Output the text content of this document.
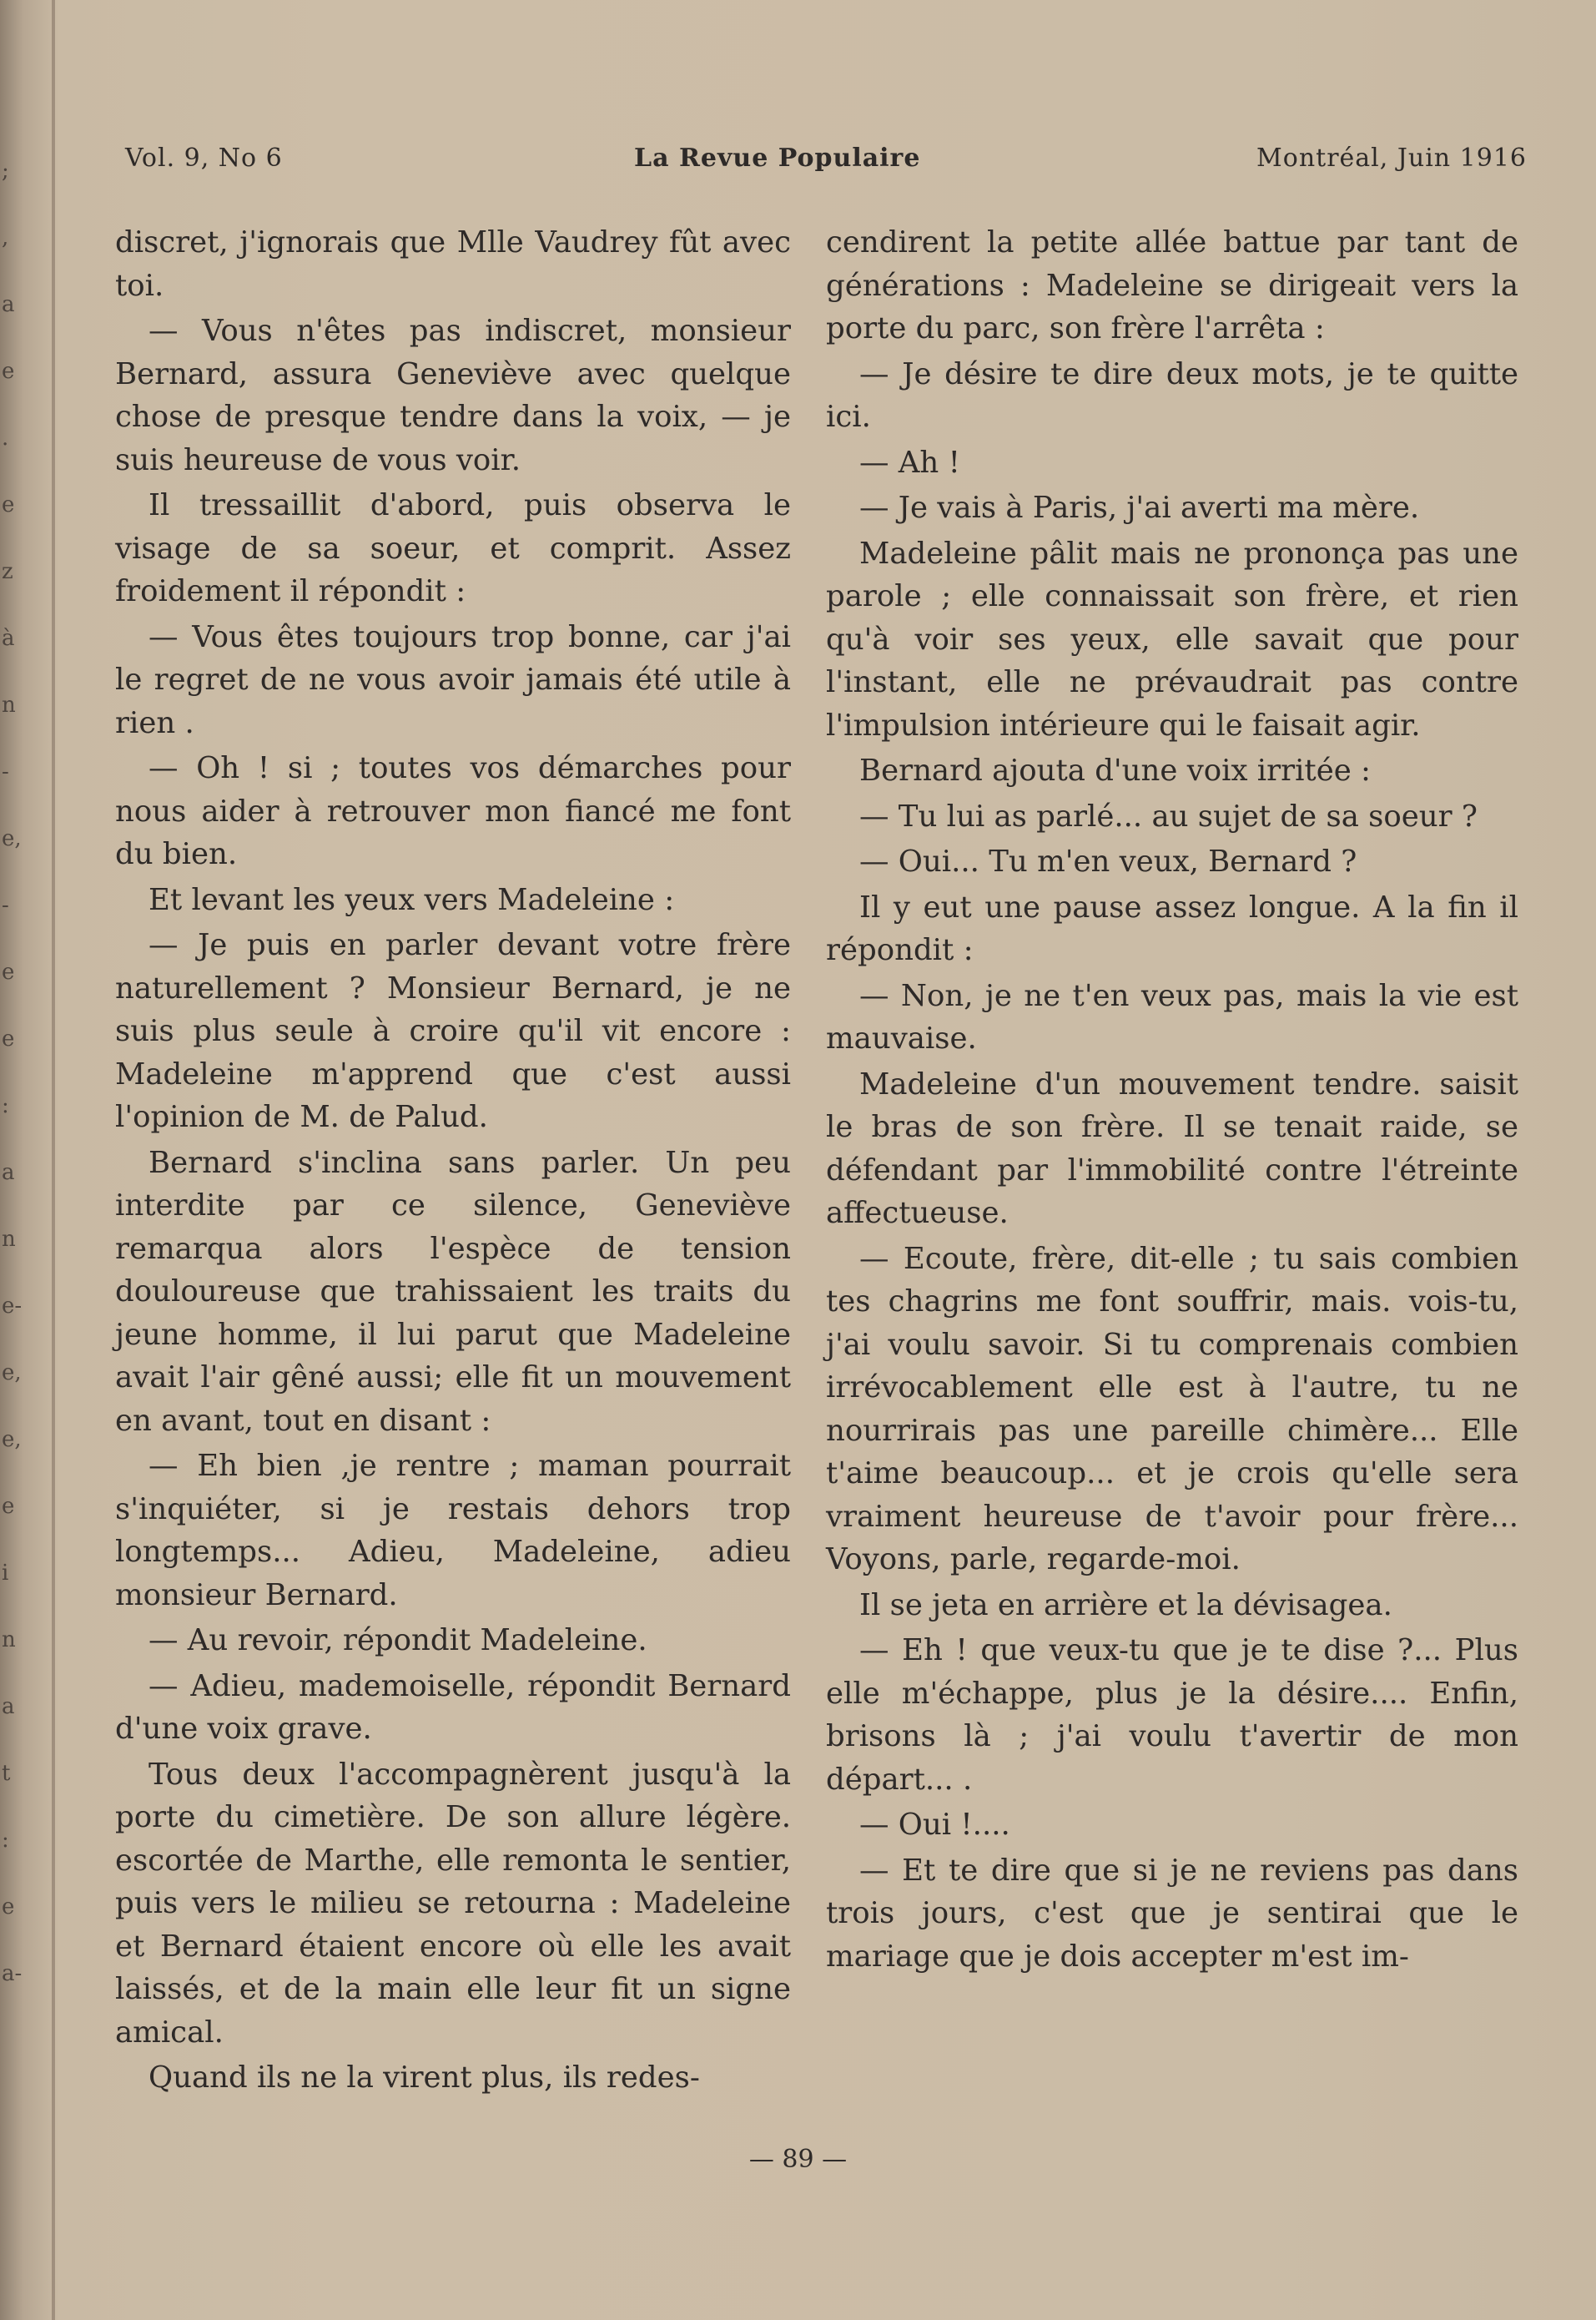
;
,
a
e
.
e
z
à
n
-
e,
-
e
e
:
a
n
e-
e,
e,
e
i
n
a
t
:
e
a-
Vol. 9, No 6	La Revue Populaire	Montréal, Juin 1916

discret, j'ignorais que Mlle Vaudrey fût avec toi.

— Vous n'êtes pas indiscret, monsieur Bernard, assura Geneviève avec quelque chose de presque tendre dans la voix, — je suis heureuse de vous voir.

Il tressaillit d'abord, puis observa le visage de sa soeur, et comprit. Assez froidement il répondit :

— Vous êtes toujours trop bonne, car j'ai le regret de ne vous avoir jamais été utile à rien .

— Oh ! si ; toutes vos démarches pour nous aider à retrouver mon fiancé me font du bien.

Et levant les yeux vers Madeleine :

— Je puis en parler devant votre frère naturellement ? Monsieur Bernard, je ne suis plus seule à croire qu'il vit encore : Madeleine m'apprend que c'est aussi l'opinion de M. de Palud.

Bernard s'inclina sans parler. Un peu interdite par ce silence, Geneviève remarqua alors l'espèce de tension douloureuse que trahissaient les traits du jeune homme, il lui parut que Madeleine avait l'air gêné aussi; elle fit un mouvement en avant, tout en disant :

— Eh bien ,je rentre ; maman pourrait s'inquiéter, si je restais dehors trop longtemps... Adieu, Madeleine, adieu monsieur Bernard.

— Au revoir, répondit Madeleine.

— Adieu, mademoiselle, répondit Bernard d'une voix grave.

Tous deux l'accompagnèrent jusqu'à la porte du cimetière. De son allure légère. escortée de Marthe, elle remonta le sentier, puis vers le milieu se retourna : Madeleine et Bernard étaient encore où elle les avait laissés, et de la main elle leur fit un signe amical.

Quand ils ne la virent plus, ils redes-

cendirent la petite allée battue par tant de générations : Madeleine se dirigeait vers la porte du parc, son frère l'arrêta :

— Je désire te dire deux mots, je te quitte ici.

— Ah !

— Je vais à Paris, j'ai averti ma mère.

Madeleine pâlit mais ne prononça pas une parole ; elle connaissait son frère, et rien qu'à voir ses yeux, elle savait que pour l'instant, elle ne prévaudrait pas contre l'impulsion intérieure qui le faisait agir.

Bernard ajouta d'une voix irritée :

— Tu lui as parlé... au sujet de sa soeur ?

— Oui... Tu m'en veux, Bernard ?

Il y eut une pause assez longue. A la fin il répondit :

— Non, je ne t'en veux pas, mais la vie est mauvaise.

Madeleine d'un mouvement tendre. saisit le bras de son frère. Il se tenait raide, se défendant par l'immobilité contre l'étreinte affectueuse.

— Ecoute, frère, dit-elle ; tu sais combien tes chagrins me font souffrir, mais. vois-tu, j'ai voulu savoir. Si tu comprenais combien irrévocablement elle est à l'autre, tu ne nourrirais pas une pareille chimère... Elle t'aime beaucoup... et je crois qu'elle sera vraiment heureuse de t'avoir pour frère... Voyons, parle, regarde-moi.

Il se jeta en arrière et la dévisagea.

— Eh ! que veux-tu que je te dise ?... Plus elle m'échappe, plus je la désire.... Enfin, brisons là ; j'ai voulu t'avertir de mon départ... .

— Oui !....

— Et te dire que si je ne reviens pas dans trois jours, c'est que je sentirai que le mariage que je dois accepter m'est im-

— 89 —
